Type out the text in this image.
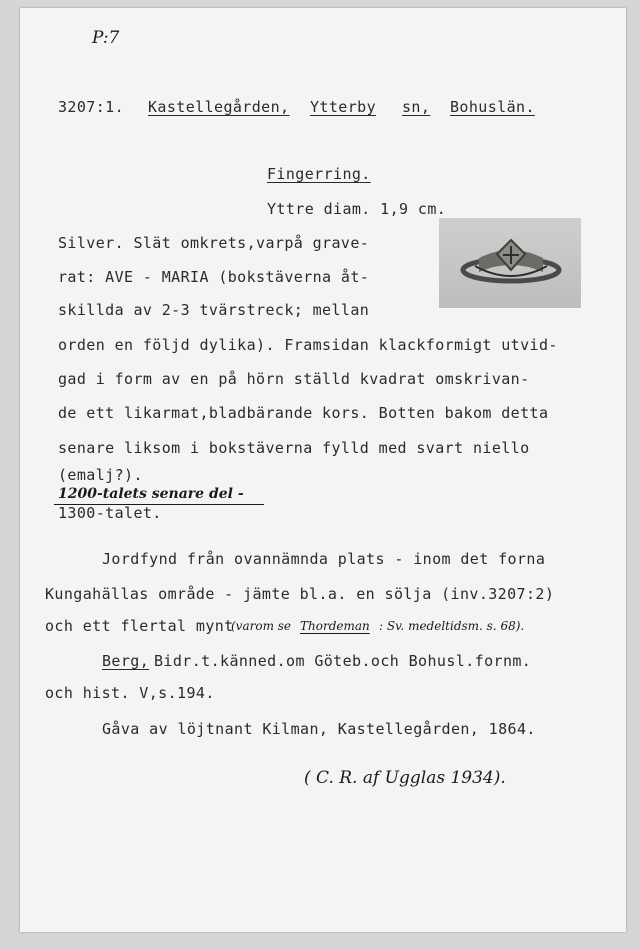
P:7
3207:1. Kastellegården, Ytterby sn, Bohuslän.
Fingerring.
Yttre diam. 1,9 cm.
Silver. Slät omkrets,varpå grave-
rat: AVE - MARIA (bokstäverna åt-
skillda av 2-3 tvärstreck; mellan
orden en följd dylika). Framsidan klackformigt utvid-
gad i form av en på hörn ställd kvadrat omskrivan-
de ett likarmat,bladbärande kors. Botten bakom detta
senare liksom i bokstäverna fylld med svart niello
(emalj?).
1200-talets senare del -
1300-talet.
Jordfynd från ovannämnda plats - inom det forna
Kungahällas område - jämte bl.a. en sölja (inv.3207:2)
och ett flertal mynt
(varom se Thordeman : Sv. medeltidsm. s. 68).
Berg, Bidr.t.känned.om Göteb.och Bohusl.fornm.
och hist. V,s.194.
Gåva av löjtnant Kilman, Kastellegården, 1864.
( C. R. af Ugglas 1934).
